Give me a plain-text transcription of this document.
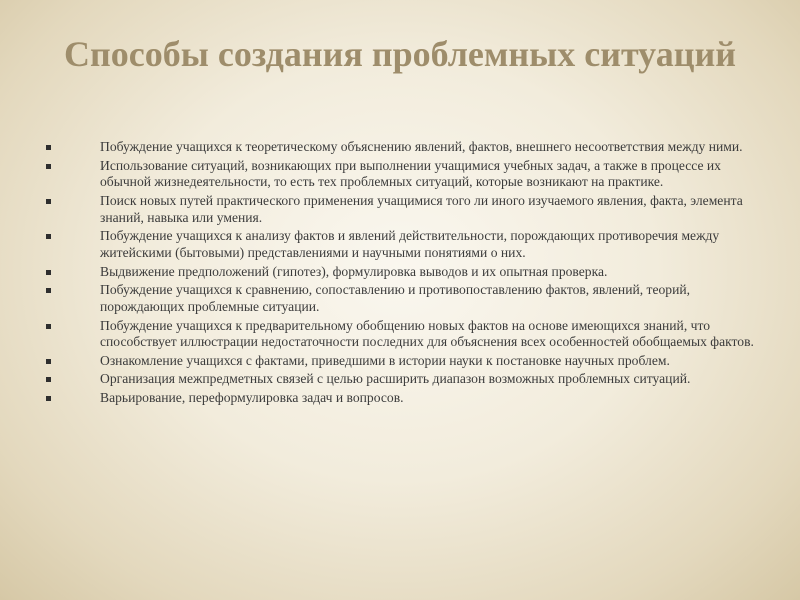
Способы создания проблемных ситуаций
Побуждение учащихся к теоретическому объяснению явлений, фактов, внешнего несоответствия между ними.
Использование ситуаций, возникающих при выполнении учащимися учебных задач, а также в процессе их обычной жизнедеятельности, то есть тех проблемных ситуаций, которые возникают на практике.
Поиск новых путей практического применения учащимися того ли иного изучаемого явления, факта, элемента знаний, навыка или умения.
Побуждение учащихся к анализу фактов и явлений действительности, порождающих противоречия между житейскими (бытовыми) представлениями и научными понятиями о них.
Выдвижение предположений (гипотез), формулировка выводов и их опытная проверка.
Побуждение учащихся к сравнению, сопоставлению и противопоставлению фактов, явлений, теорий, порождающих проблемные ситуации.
Побуждение учащихся к предварительному обобщению новых фактов на основе имеющихся знаний, что способствует иллюстрации недостаточности последних для объяснения всех особенностей обобщаемых фактов.
Ознакомление учащихся с фактами, приведшими в истории науки к постановке научных проблем.
Организация межпредметных связей с целью расширить диапазон возможных проблемных ситуаций.
Варьирование, переформулировка задач и вопросов.
